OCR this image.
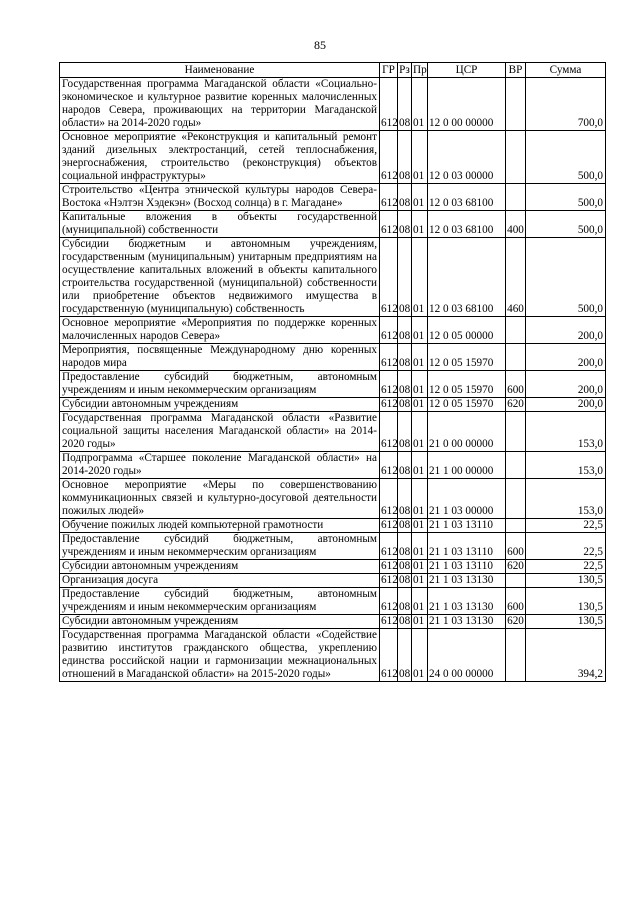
85
Наименование	ГР	Рз	Пр	ЦСР	ВР	Сумма
Государственная программа Магаданской области «Социально-экономическое и культурное развитие коренных малочисленных народов Севера, проживающих на территории Магаданской области» на 2014-2020 годы»	612	08	01	12 0 00 00000		700,0
Основное мероприятие «Реконструкция и капитальный ремонт зданий дизельных электростанций, сетей теплоснабжения, энергоснабжения, строительство (реконструкция) объектов социальной инфраструктуры»	612	08	01	12 0 03 00000		500,0
Строительство «Центра этнической культуры народов Севера-Востока «Нэлтэн Хэдекэн» (Восход солнца) в г. Магадане»	612	08	01	12 0 03 68100		500,0
Капитальные вложения в объекты государственной (муниципальной) собственности	612	08	01	12 0 03 68100	400	500,0
Субсидии бюджетным и автономным учреждениям, государственным (муниципальным) унитарным предприятиям на осуществление капитальных вложений в объекты капитального строительства государственной (муниципальной) собственности или приобретение объектов недвижимого имущества в государственную (муниципальную) собственность	612	08	01	12 0 03 68100	460	500,0
Основное мероприятие «Мероприятия по поддержке коренных малочисленных народов Севера»	612	08	01	12 0 05 00000		200,0
Мероприятия, посвященные Международному дню коренных народов мира	612	08	01	12 0 05 15970		200,0
Предоставление субсидий бюджетным, автономным учреждениям и иным некоммерческим организациям	612	08	01	12 0 05 15970	600	200,0
Субсидии автономным учреждениям	612	08	01	12 0 05 15970	620	200,0
Государственная программа Магаданской области «Развитие социальной защиты населения Магаданской области» на 2014-2020 годы»	612	08	01	21 0 00 00000		153,0
Подпрограмма «Старшее поколение Магаданской области» на 2014-2020 годы»	612	08	01	21 1 00 00000		153,0
Основное мероприятие «Меры по совершенствованию коммуникационных связей и культурно-досуговой деятельности пожилых людей»	612	08	01	21 1 03 00000		153,0
Обучение пожилых людей компьютерной грамотности	612	08	01	21 1 03 13110		22,5
Предоставление субсидий бюджетным, автономным учреждениям и иным некоммерческим организациям	612	08	01	21 1 03 13110	600	22,5
Субсидии автономным учреждениям	612	08	01	21 1 03 13110	620	22,5
Организация досуга	612	08	01	21 1 03 13130		130,5
Предоставление субсидий бюджетным, автономным учреждениям и иным некоммерческим организациям	612	08	01	21 1 03 13130	600	130,5
Субсидии автономным учреждениям	612	08	01	21 1 03 13130	620	130,5
Государственная программа Магаданской области «Содействие развитию институтов гражданского общества, укреплению единства российской нации и гармонизации межнациональных отношений в Магаданской области» на 2015-2020 годы»	612	08	01	24 0 00 00000		394,2
